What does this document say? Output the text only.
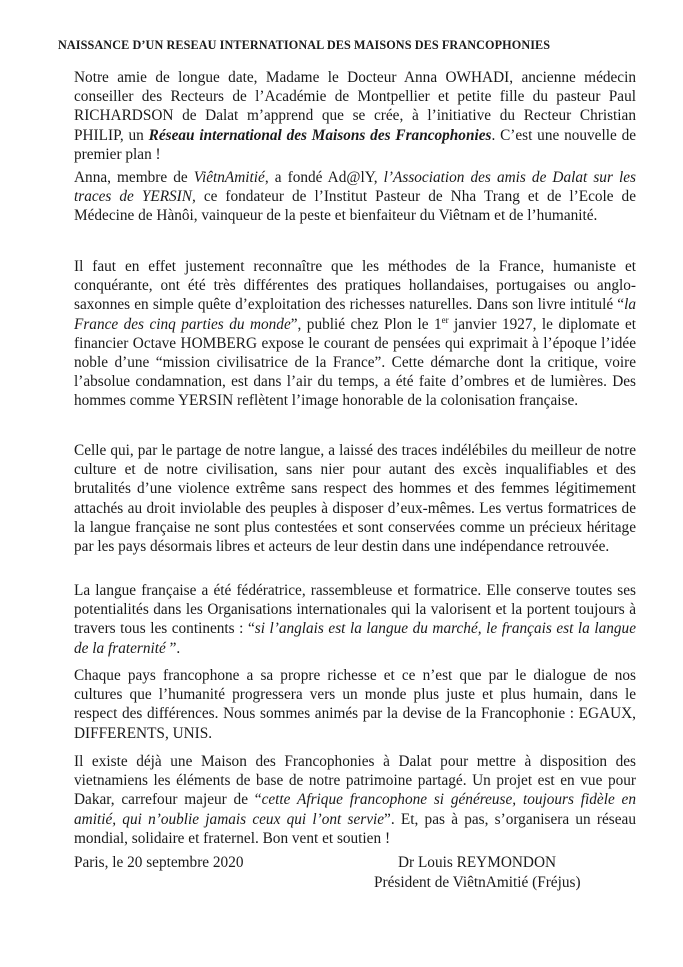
NAISSANCE D’UN RESEAU INTERNATIONAL DES MAISONS DES FRANCOPHONIES
Notre amie de longue date, Madame le Docteur Anna OWHADI, ancienne médecin conseiller des Recteurs de l’Académie de Montpellier et petite fille du pasteur Paul RICHARDSON de Dalat m’apprend que se crée, à l’initiative du Recteur Christian PHILIP, un Réseau international des Maisons des Francophonies. C’est une nouvelle de premier plan !
Anna, membre de ViêtnAmitié, a fondé Ad@lY, l’Association des amis de Dalat sur les traces de YERSIN, ce fondateur de l’Institut Pasteur de Nha Trang et de l’Ecole de Médecine de Hànôi, vainqueur de la peste et bienfaiteur du Viêtnam et de l’humanité.
Il faut en effet justement reconnaître que les méthodes de la France, humaniste et conquérante, ont été très différentes des pratiques hollandaises, portugaises ou anglo-saxonnes en simple quête d’exploitation des richesses naturelles. Dans son livre intitulé “la France des cinq parties du monde”, publié chez Plon le 1er janvier 1927, le diplomate et financier Octave HOMBERG expose le courant de pensées qui exprimait à l’époque l’idée noble d’une “mission civilisatrice de la France”. Cette démarche dont la critique, voire l’absolue condamnation, est dans l’air du temps, a été faite d’ombres et de lumières. Des hommes comme YERSIN reflètent l’image honorable de la colonisation française.
Celle qui, par le partage de notre langue, a laissé des traces indélébiles du meilleur de notre culture et de notre civilisation, sans nier pour autant des excès inqualifiables et des brutalités d’une violence extrême sans respect des hommes et des femmes légitimement attachés au droit inviolable des peuples à disposer d’eux-mêmes. Les vertus formatrices de la langue française ne sont plus contestées et sont conservées comme un précieux héritage par les pays désormais libres et acteurs de leur destin dans une indépendance retrouvée.
La langue française a été fédératrice, rassembleuse et formatrice. Elle conserve toutes ses potentialités dans les Organisations internationales qui la valorisent et la portent toujours à travers tous les continents : “si l’anglais est la langue du marché, le français est la langue de la fraternité ”.
Chaque pays francophone a sa propre richesse et ce n’est que par le dialogue de nos cultures que l’humanité progressera vers un monde plus juste et plus humain, dans le respect des différences. Nous sommes animés par la devise de la Francophonie : EGAUX, DIFFERENTS, UNIS.
Il existe déjà une Maison des Francophonies à Dalat pour mettre à disposition des vietnamiens les éléments de base de notre patrimoine partagé. Un projet est en vue pour Dakar, carrefour majeur de “cette Afrique francophone si généreuse, toujours fidèle en amitié, qui n’oublie jamais ceux qui l’ont servie”. Et, pas à pas, s’organisera un réseau mondial, solidaire et fraternel. Bon vent et soutien !
Paris, le 20 septembre 2020	Dr Louis REYMONDON
Président de ViêtnAmitié (Fréjus)
